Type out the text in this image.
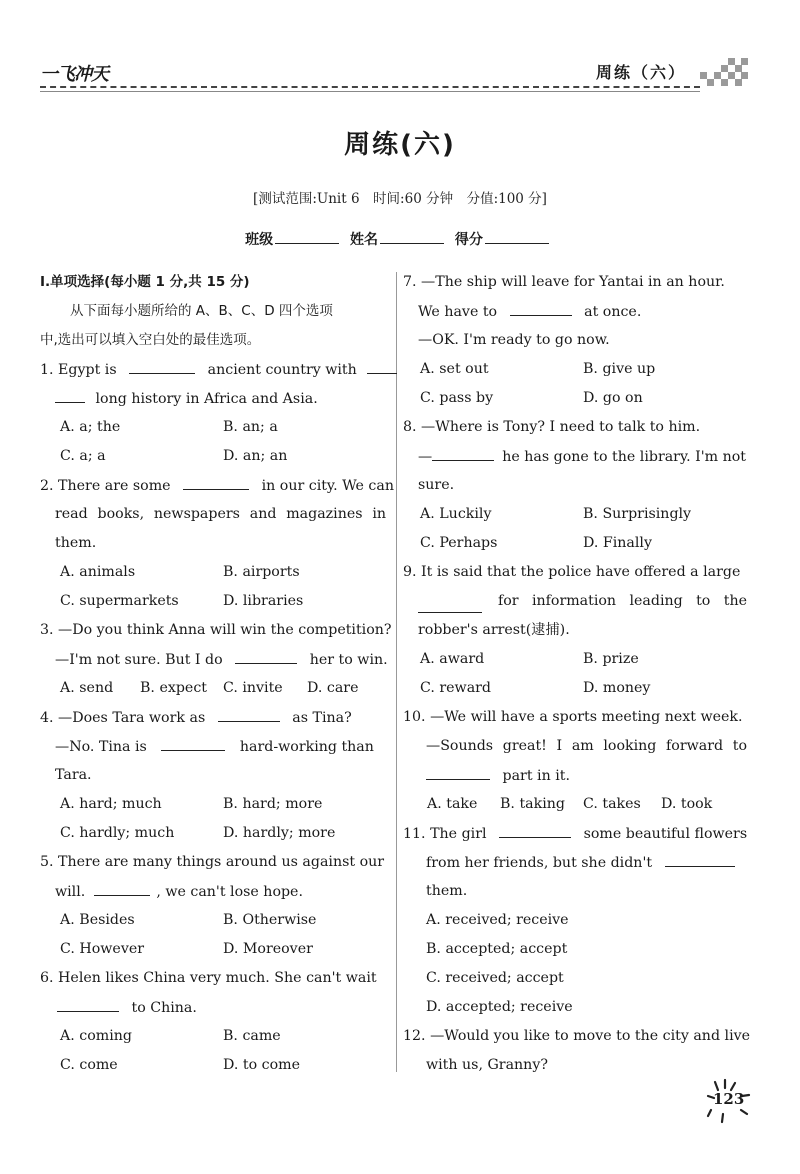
一飞冲天	周练（六）
周练(六)
[测试范围:Unit 6　时间:60 分钟　分值:100 分]
班级	姓名	得分
Ⅰ.单项选择(每小题 1 分,共 15 分)
从下面每小题所给的 A、B、C、D 四个选项
中,选出可以填入空白处的最佳选项。
1. Egypt is	ancient country with
long history in Africa and Asia.
A. a; the	B. an; a
C. a; a	D. an; an
2. There are some	in our city. We can
read books, newspapers and magazines in
them.
A. animals	B. airports
C. supermarkets	D. libraries
3. —Do you think Anna will win the competition?
—I'm not sure. But I do	her to win.
A. send B. expect C. invite D. care
4. —Does Tara work as	as Tina?
—No. Tina is	hard-working than
Tara.
A. hard; much	B. hard; more
C. hardly; much	D. hardly; more
5. There are many things around us against our
will.	, we can't lose hope.
A. Besides	B. Otherwise
C. However	D. Moreover
6. Helen likes China very much. She can't wait
to China.
A. coming	B. came
C. come	D. to come
7. —The ship will leave for Yantai in an hour.
We have to	at once.
—OK. I'm ready to go now.
A. set out	B. give up
C. pass by	D. go on
8. —Where is Tony? I need to talk to him.
—	he has gone to the library. I'm not
sure.
A. Luckily	B. Surprisingly
C. Perhaps	D. Finally
9. It is said that the police have offered a large
for information leading to the
robber's arrest(逮捕).
A. award	B. prize
C. reward	D. money
10. —We will have a sports meeting next week.
—Sounds great! I am looking forward to
part in it.
A. take B. taking C. takes D. took
11. The girl	some beautiful flowers
from her friends, but she didn't
them.
A. received; receive
B. accepted; accept
C. received; accept
D. accepted; receive
12. —Would you like to move to the city and live
with us, Granny?
123
